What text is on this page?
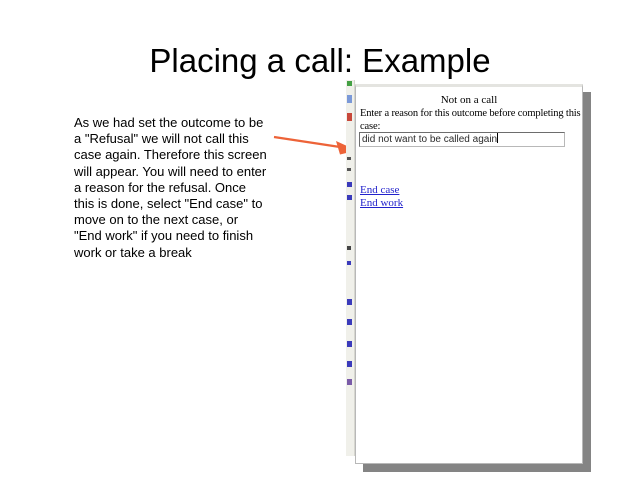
Placing a call: Example
As we had set the outcome to be a "Refusal" we will not call this case again. Therefore this screen will appear. You will need to enter a reason for the refusal. Once this is done, select "End case" to move on to the next case, or "End work" if you need to finish work or take a break
Not on a call
Enter a reason for this outcome before completing this
case:
did not want to be called again
End case
End work
